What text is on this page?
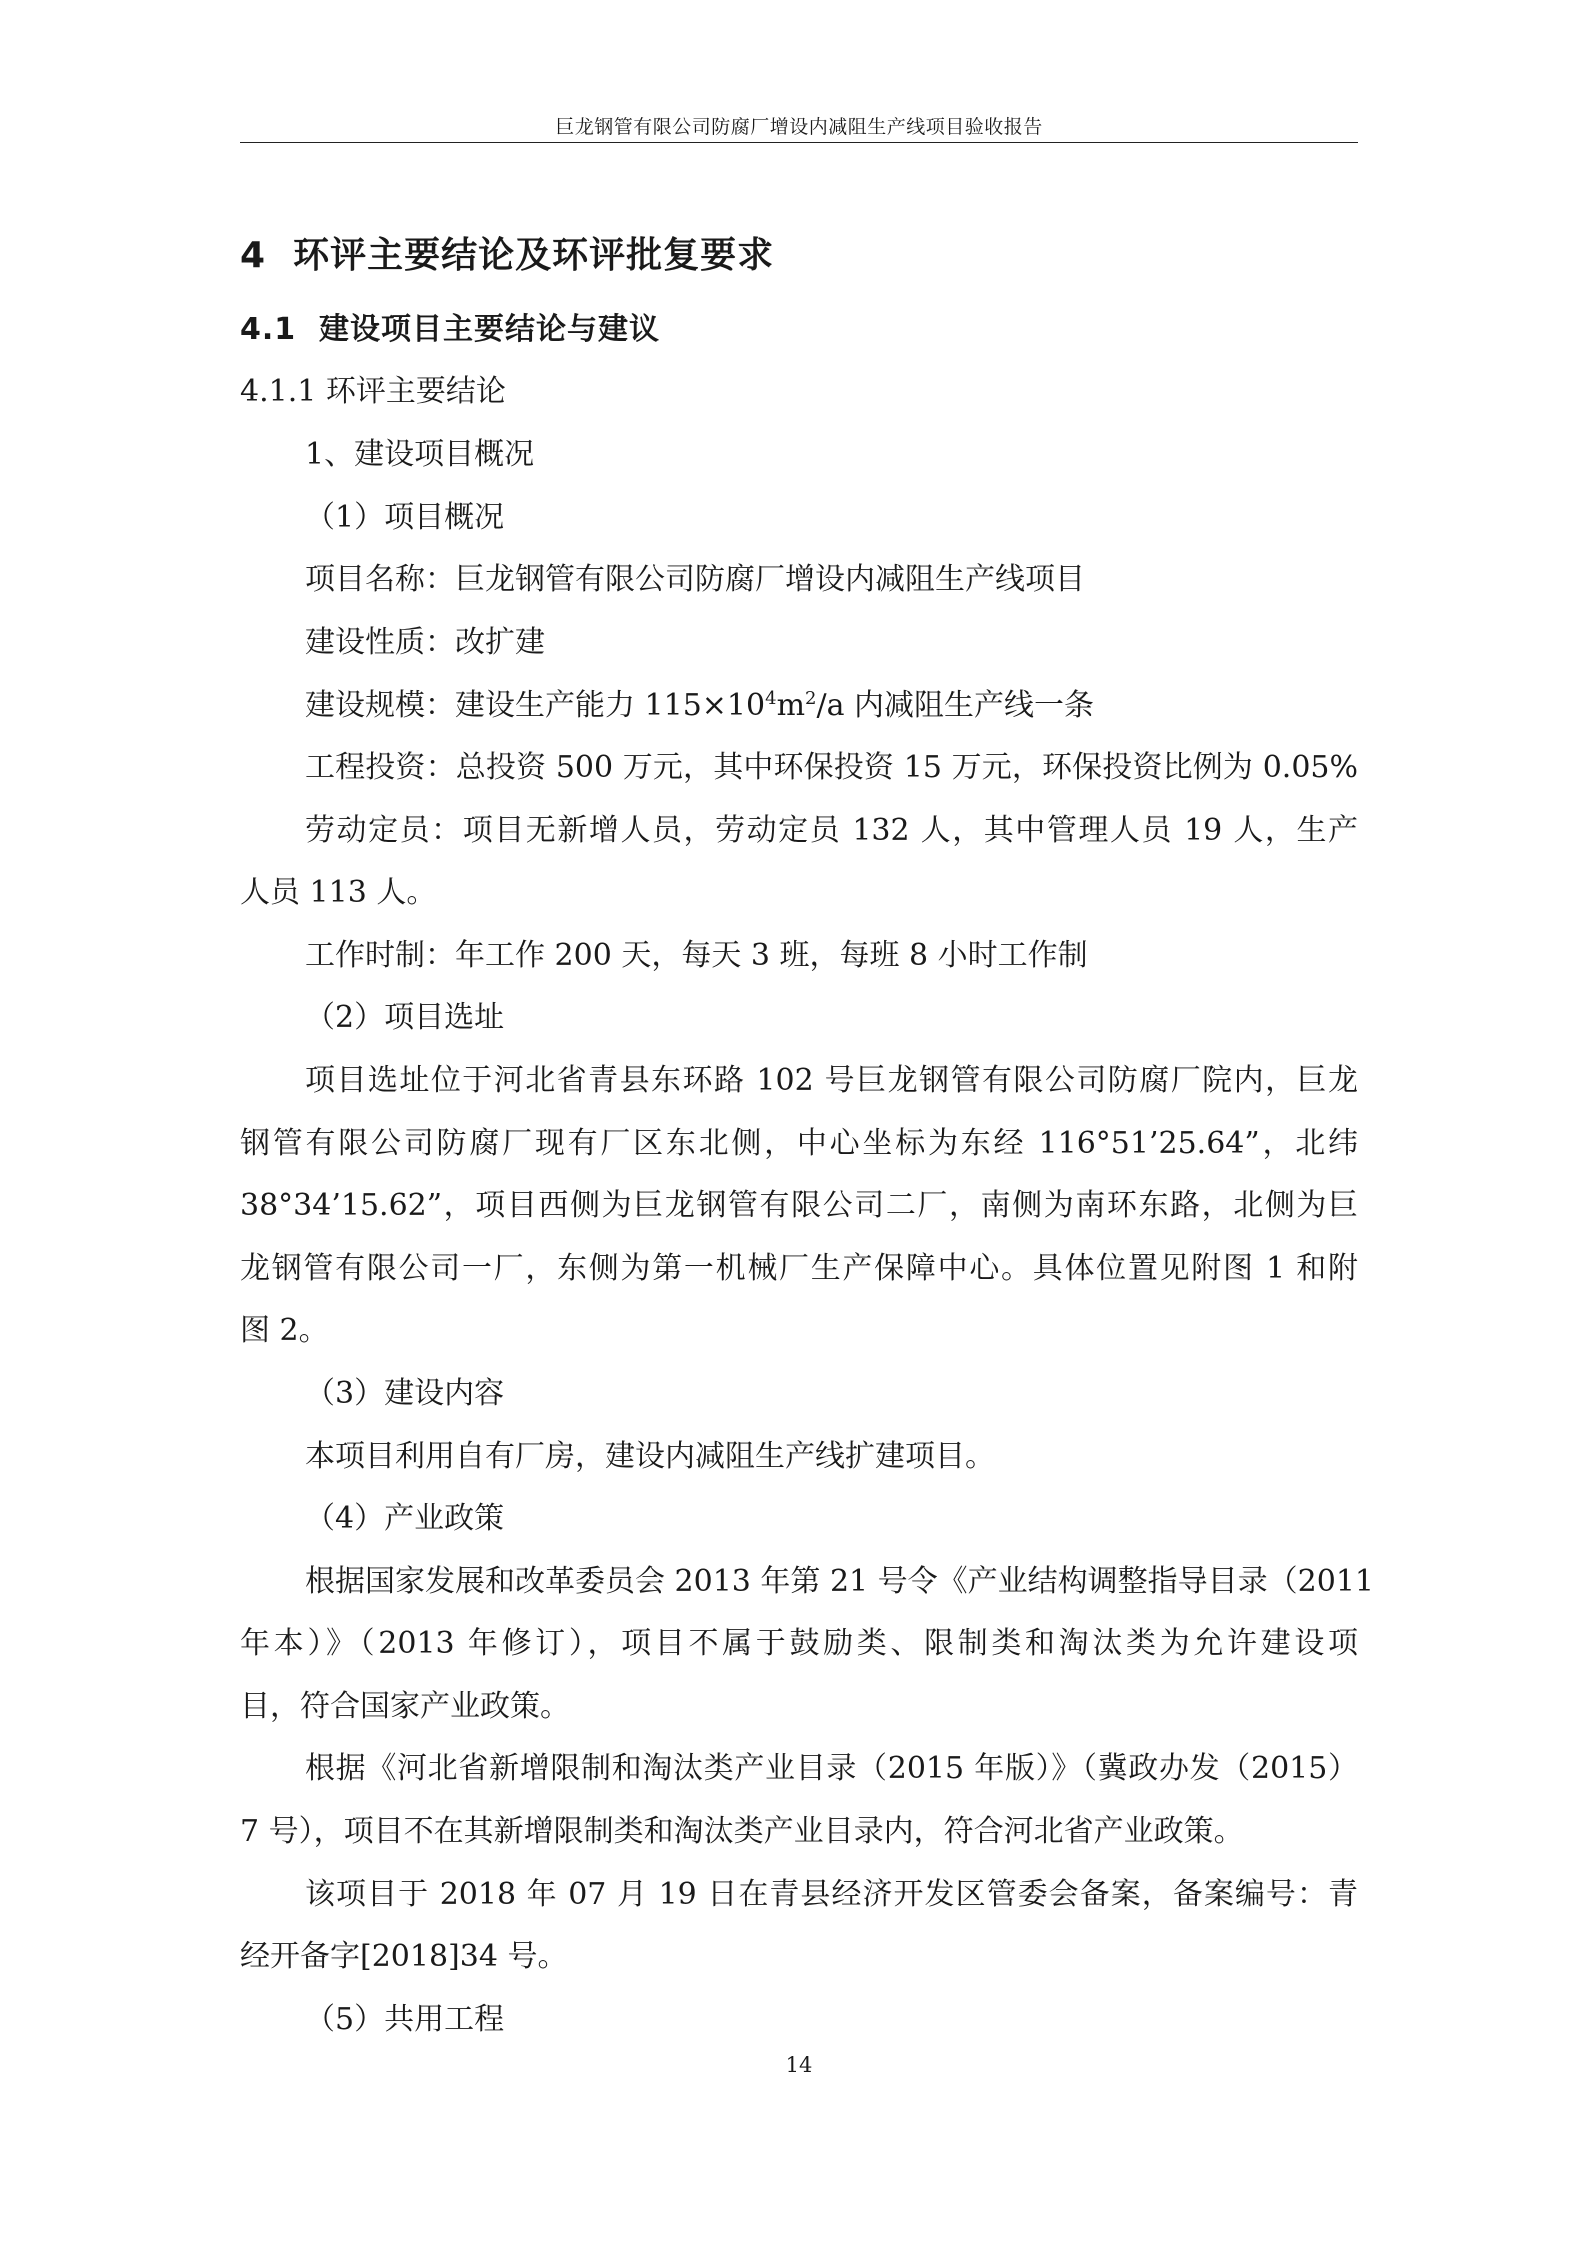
巨龙钢管有限公司防腐厂增设内减阻生产线项目验收报告
4 环评主要结论及环评批复要求
4.1 建设项目主要结论与建议
4.1.1 环评主要结论
1、建设项目概况
（1）项目概况
项目名称：巨龙钢管有限公司防腐厂增设内减阻生产线项目
建设性质：改扩建
建设规模：建设生产能力 $115\times 10^4m^2/a$ 内减阻生产线一条
工程投资：总投资 500 万元，其中环保投资 15 万元，环保投资比例为 0.05%
劳动定员：项目无新增人员，劳动定员 132 人，其中管理人员 19 人，生产
人员 113 人。
工作时制：年工作 200 天，每天 3 班，每班 8 小时工作制
（2）项目选址
项目选址位于河北省青县东环路 102 号巨龙钢管有限公司防腐厂院内，巨龙
钢管有限公司防腐厂现有厂区东北侧，中心坐标为东经 116°51’25.64”，北纬
38°34’15.62”，项目西侧为巨龙钢管有限公司二厂，南侧为南环东路，北侧为巨
龙钢管有限公司一厂，东侧为第一机械厂生产保障中心。具体位置见附图 1 和附
图 2。
（3）建设内容
本项目利用自有厂房，建设内减阻生产线扩建项目。
（4）产业政策
根据国家发展和改革委员会 2013 年第 21 号令《产业结构调整指导目录（2011
年本）》（2013 年修订），项目不属于鼓励类、限制类和淘汰类为允许建设项
目，符合国家产业政策。
根据《河北省新增限制和淘汰类产业目录（2015 年版）》（冀政办发（2015）
7 号），项目不在其新增限制类和淘汰类产业目录内，符合河北省产业政策。
该项目于 2018 年 07 月 19 日在青县经济开发区管委会备案，备案编号：青
经开备字[2018]34 号。
（5）共用工程
14
